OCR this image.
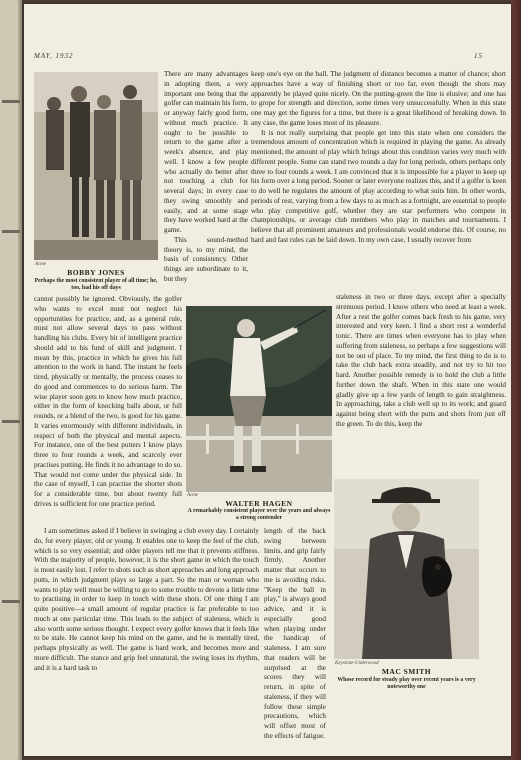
MAY, 1932	15
Acme
BOBBY JONES
Perhaps the most consistent player of all time; he, too, had his off days

There are many advantages in adopting them, a very important one being that the golfer can maintain his form, or anyway fairly good form, without much practice. It ought to be possible to return to the game after a week's absence, and play well. I know a few people who actually do better after not touching a club for several days; in every case they swing smoothly and easily, and at some stage they have worked hard at the game.

This sound-method theory is, to my mind, the basis of consistency. Other things are subordinate to it, but they

cannot possibly be ignored. Obviously, the golfer who wants to excel must not neglect his opportunities for practice, and, as a general rule, must not allow several days to pass without handling his clubs. Every bit of intelligent practice should add to his fund of skill and judgment. I mean by this, practice in which he gives his full attention to the work in hand. The instant he feels tired, physically or mentally, the process ceases to do good and commences to do serious harm. The wise player soon gets to know how much practice, either in the form of knocking balls about, or full rounds, or a blend of the two, is good for his game. It varies enormously with different individuals, in respect of both the physical and mental aspects. For instance, one of the best putters I know plays three to four rounds a week, and scarcely ever practises putting. He finds it no advantage to do so. That would not come under the physical side. In the case of myself, I can practise the shorter shots for a considerable time, but about twenty full drives is sufficient for one practice period.

Acme
WALTER HAGEN
A remarkably consistent player over the years and always a strong contender

I am sometimes asked if I believe in swinging a club every day. I certainly do, for every player, old or young. It enables one to keep the feel of the club, which is so very essential; and older players tell me that it prevents stiffness. With the majority of people, however, it is the short game in which the touch is most easily lost. I refer to shots such as short approaches and long approach putts, in which judgment plays so large a part. So the man or woman who wants to play well must be willing to go to some trouble to devote a little time to practising in order to keep in touch with these shots. Of one thing I am quite positive—a small amount of regular practice is far preferable to too much at one particular time. This leads to the subject of staleness, which is also worth some serious thought. I expect every golfer knows that it feels like to be stale. He cannot keep his mind on the game, and he is mentally tired, perhaps physically as well. The game is hard work, and becomes more and more difficult. The stance and grip feel unnatural, the swing loses its rhythm, and it is a hard task to

length of the back swing between limits, and grip fairly firmly. Another matter that occurs to me is avoiding risks. "Keep the ball in play," is always good advice, and it is especially good when playing under the handicap of staleness. I am sure that readers will be surprised at the scores they will return, in spite of staleness, if they will follow these simple precautions, which will offset most of the effects of fatigue.

keep one's eye on the ball. The judgment of distance becomes a matter of chance; short approaches have a way of finishing short or too far, even though the shots may apparently be played quite nicely. On the putting-green the line is elusive; and one has to grope for strength and direction, some times very unsuccessfully. When in this state one may get the figures for a time, but there is a great likelihood of breaking down. In any case, the game loses most of its pleasure.

It is not really surprising that people get into this state when one considers the tremendous amount of concentration which is required in playing the game. As already mentioned, the amount of play which brings about this condition varies very much with different people. Some can stand two rounds a day for long periods, others perhaps only three to four rounds a week. I am convinced that it is impossible for a player to keep up his form over a long period. Sooner or later everyone realizes this, and if a golfer is keen to do well he regulates the amount of play according to what suits him. In other words, periods of rest, varying from a few days to as much as a fortnight, are essential to people who play competitive golf, whether they are star performers who compete in championships, or average club members who play in matches and tournaments. I believe that all prominent amateurs and professionals would endorse this. Of course, no hard and fast rules can be laid down. In my own case, I usually recover from

staleness in two or three days, except after a specially strenuous period. I know others who need at least a week. After a rest the golfer comes back fresh to his game, very interested and very keen. I find a short rest a wonderful tonic. There are times when everyone has to play when suffering from staleness, so perhaps a few suggestions will not be out of place. To my mind, the first thing to do is to take the club back extra steadily, and not try to hit too hard. Another possible remedy is to hold the club a little further down the shaft. When in this state one would gladly give up a few yards of length to gain straightness. In approaching, take a club well up to its work; and guard against being short with the putts and shots from just off the green. To do this, keep the

Keystone-Underwood
MAC SMITH
Whose record for steady play over recent years is a very noteworthy one
